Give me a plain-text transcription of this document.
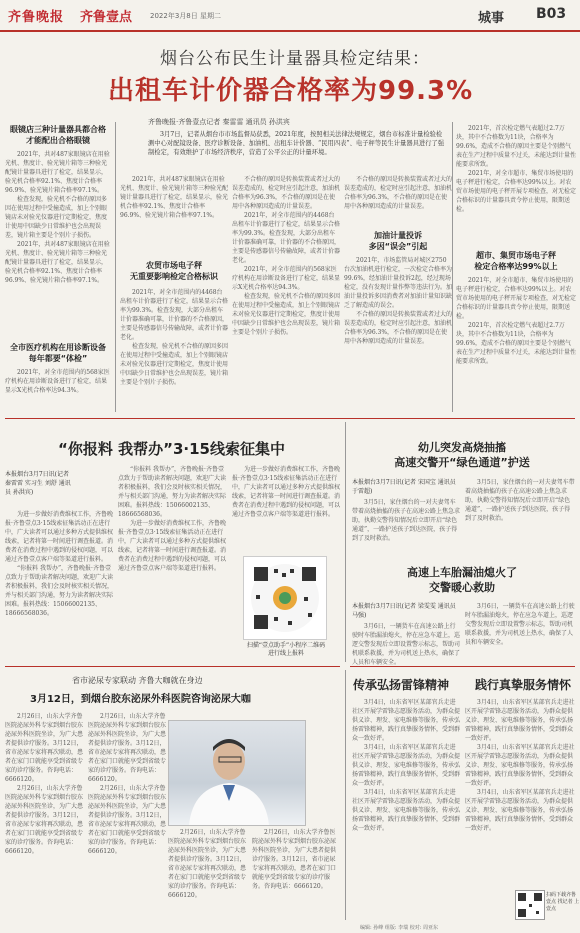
齐鲁晚报 齐鲁壹点	2022年3月8日 星期二	城事 B03
烟台公布民生计量器具检定结果：
出租车计价器合格率为99.3%
齐鲁晚报·齐鲁壹点记者 秦雷雷 通讯员 孙洪宾
眼镜店三种计量器具都合格
才能配出合格眼镜

2021年，共对487家眼镜店在用验光机、焦度计、验光镜片箱等三种验光配镜计量器具进行了检定，结果显示，验光机合格率92.1%、焦度计合格率96.9%、验光镜片箱合格率97.1%。

检查发现，验光机不合格的原因多因在使用过程中受撞造成，加上个别眼镜店未对验光仪器进行定期检定，焦度计使用中因缺少日常维护也会出现误差，镜片箱主要是个别片子损伤。

2021年，共对487家眼镜店在用验光机、焦度计、验光镜片箱等三种验光配镜计量器具进行了检定，结果显示，验光机合格率92.1%、焦度计合格率96.9%、验光镜片箱合格率97.1%。

全市医疗机构在用诊断设备
每年都要“体检”

2021年，对全市范围内的568家医疗机构在用诊断设备进行了检定，结果显示X光机合格率达94.3%。

3月7日，记者从烟台市市场监督局获悉，2021年度，按照相关法律法规规定，烟台市标准计量检验检测中心对配镜设备、医疗诊断设备、加油机、出租车计价器、“民用四表”、电子秤等民生计量器具进行了强制检定，有效维护了市场经济秩序，营造了公平公正的计量环境。

2021年，共对487家眼镜店在用验光机、焦度计、验光镜片箱等三种验光配镜计量器具进行了检定，结果显示，验光机合格率92.1%、焦度计合格率96.9%、验光镜片箱合格率97.1%。

农贸市场电子秤
无重要影响检定合格标识

2021年，对全市范围内的4468台出租车计价器进行了检定，结果显示合格率为99.3%。检查发现，大部分出租车计价器准确可靠，计价器的不合格原因，主要是传感器信号传输故障，或者计价器老化。

检查发现，验光机不合格的原因多因在使用过程中受撞造成，加上个别眼镜店未对验光仪器进行定期检定，焦度计使用中因缺少日常维护也会出现误差，镜片箱主要是个别片子损伤。

不合格的原因是转换装置或者过大的误差造成的，检定时应引起注意，加油机合格率为96.3%，不合格的原因是在使用中各种原因造成的计量误差。

2021年，对全市范围内的4468台出租车计价器进行了检定，结果显示合格率为99.3%。检查发现，大部分出租车计价器准确可靠，计价器的不合格原因，主要是传感器信号传输故障，或者计价器老化。

2021年，对全市范围内的568家医疗机构在用诊断设备进行了检定，结果显示X光机合格率达94.3%。

检查发现，验光机不合格的原因多因在使用过程中受撞造成，加上个别眼镜店未对验光仪器进行定期检定，焦度计使用中因缺少日常维护也会出现误差，镜片箱主要是个别片子损伤。

不合格的原因是转换装置或者过大的误差造成的，检定时应引起注意，加油机合格率为96.3%，不合格的原因是在使用中各种原因造成的计量误差。

加油计量投诉
多因“误会”引起

2021年，市场监管局对城区2750台次加油机进行检定，一次检定合格率为99.6%，经加油计量投诉2起，经过现场检定，没有发现计量作弊等违法行为。加油计量投诉多因消费者对加油计量知识缺乏了解造成的误会。

不合格的原因是转换装置或者过大的误差造成的，检定时应引起注意，加油机合格率为96.3%，不合格的原因是在使用中各种原因造成的计量误差。

2021年，首次检定燃气表超过2.7万块，其中不合格数为11块，合格率为99.6%，造成不合格的原因主要是个别燃气表在生产过程中质量不过关，未能达到计量性能要求所致。

2021年，对全市超市、集贸市场使用的电子秤进行检定，合格率达99%以上。对农贸市场使用的电子秤开展专项检查，对无检定合格标识的计量器具责令停止使用，限期送检。

超市、集贸市场电子秤
检定合格率达99%以上

2021年，对全市超市、集贸市场使用的电子秤进行检定，合格率达99%以上。对农贸市场使用的电子秤开展专项检查，对无检定合格标识的计量器具责令停止使用，限期送检。

2021年，首次检定燃气表超过2.7万块，其中不合格数为11块，合格率为99.6%，造成不合格的原因主要是个别燃气表在生产过程中质量不过关，未能达到计量性能要求所致。

“你报料 我帮办”3·15线索征集中
本报烟台3月7日讯(记者 秦雷雷 实习生 刘舒 通讯员 孙洪宾)

为进一步做好消费维权工作，齐鲁晚报·齐鲁壹点3·15线索征集活动正在进行中，广大读者可以通过多种方式提供维权线索，记者将第一时间进行调查报道。消费者在消费过程中遇到的侵权问题，可以通过齐鲁壹点客户端等渠道进行报料。

“你报料 我帮办”，齐鲁晚报·齐鲁壹点致力于帮助读者解决问题，欢迎广大读者积极报料，我们会及时核实相关情况，并与相关部门沟通，努力为读者解决实际困难。报料热线：15066002135、18666568036。

“你报料 我帮办”，齐鲁晚报·齐鲁壹点致力于帮助读者解决问题，欢迎广大读者积极报料，我们会及时核实相关情况，并与相关部门沟通，努力为读者解决实际困难。报料热线：15066002135、18666568036。

为进一步做好消费维权工作，齐鲁晚报·齐鲁壹点3·15线索征集活动正在进行中，广大读者可以通过多种方式提供维权线索，记者将第一时间进行调查报道。消费者在消费过程中遇到的侵权问题，可以通过齐鲁壹点客户端等渠道进行报料。

为进一步做好消费维权工作，齐鲁晚报·齐鲁壹点3·15线索征集活动正在进行中，广大读者可以通过多种方式提供维权线索，记者将第一时间进行调查报道。消费者在消费过程中遇到的侵权问题，可以通过齐鲁壹点客户端等渠道进行报料。

扫描“壹点助手”小程序二维码
进行线上报料
幼儿突发高烧抽搐
高速交警开“绿色通道”护送
本报烟台3月7日讯(记者 宋国宝 通讯员 于雷超)

3月5日，家住烟台的一对夫妻驾车带着高烧抽搐的孩子在高速公路上焦急求助，执勤交警得知情况后立即开启“绿色通道”，一路护送孩子到达医院，孩子得到了及时救治。

3月5日，家住烟台的一对夫妻驾车带着高烧抽搐的孩子在高速公路上焦急求助，执勤交警得知情况后立即开启“绿色通道”，一路护送孩子到达医院，孩子得到了及时救治。

高速上车胎漏油熄火了
交警暖心救助
本报烟台3月7日讯(记者 梁雯雯 通讯员 马强)

3月6日，一辆货车在高速公路上行驶时车胎漏油熄火，停在应急车道上，巡逻交警发现后立即设置警示标志，帮助司机联系救援，并为司机送上热水，确保了人员和车辆安全。

3月6日，一辆货车在高速公路上行驶时车胎漏油熄火，停在应急车道上，巡逻交警发现后立即设置警示标志，帮助司机联系救援，并为司机送上热水，确保了人员和车辆安全。

省市泌尿专家联动 齐鲁大咖就在身边
3月12日，到烟台胶东泌尿外科医院咨询泌尿大咖

2月26日，山东大学齐鲁医院泌尿外科专家到烟台胶东泌尿外科医院坐诊，为广大患者提供诊疗服务。3月12日，省市泌尿专家将再次联动，患者在家门口就能享受到省级专家的诊疗服务。咨询电话：6666120。

2月26日，山东大学齐鲁医院泌尿外科专家到烟台胶东泌尿外科医院坐诊，为广大患者提供诊疗服务。3月12日，省市泌尿专家将再次联动，患者在家门口就能享受到省级专家的诊疗服务。咨询电话：6666120。

2月26日，山东大学齐鲁医院泌尿外科专家到烟台胶东泌尿外科医院坐诊，为广大患者提供诊疗服务。3月12日，省市泌尿专家将再次联动，患者在家门口就能享受到省级专家的诊疗服务。咨询电话：6666120。

2月26日，山东大学齐鲁医院泌尿外科专家到烟台胶东泌尿外科医院坐诊，为广大患者提供诊疗服务。3月12日，省市泌尿专家将再次联动，患者在家门口就能享受到省级专家的诊疗服务。咨询电话：6666120。

2月26日，山东大学齐鲁医院泌尿外科专家到烟台胶东泌尿外科医院坐诊，为广大患者提供诊疗服务。3月12日，省市泌尿专家将再次联动，患者在家门口就能享受到省级专家的诊疗服务。咨询电话：6666120。

2月26日，山东大学齐鲁医院泌尿外科专家到烟台胶东泌尿外科医院坐诊，为广大患者提供诊疗服务。3月12日，省市泌尿专家将再次联动，患者在家门口就能享受到省级专家的诊疗服务。咨询电话：6666120。

传承弘扬雷锋精神 践行真挚服务情怀

3月4日，山东省军区某部官兵走进社区开展学雷锋志愿服务活动，为群众提供义诊、理发、家电维修等服务，传承弘扬雷锋精神，践行真挚服务情怀，受到群众一致好评。

3月4日，山东省军区某部官兵走进社区开展学雷锋志愿服务活动，为群众提供义诊、理发、家电维修等服务，传承弘扬雷锋精神，践行真挚服务情怀，受到群众一致好评。

3月4日，山东省军区某部官兵走进社区开展学雷锋志愿服务活动，为群众提供义诊、理发、家电维修等服务，传承弘扬雷锋精神，践行真挚服务情怀，受到群众一致好评。

3月4日，山东省军区某部官兵走进社区开展学雷锋志愿服务活动，为群众提供义诊、理发、家电维修等服务，传承弘扬雷锋精神，践行真挚服务情怀，受到群众一致好评。

3月4日，山东省军区某部官兵走进社区开展学雷锋志愿服务活动，为群众提供义诊、理发、家电维修等服务，传承弘扬雷锋精神，践行真挚服务情怀，受到群众一致好评。

3月4日，山东省军区某部官兵走进社区开展学雷锋志愿服务活动，为群众提供义诊、理发、家电维修等服务，传承弘扬雷锋精神，践行真挚服务情怀，受到群众一致好评。

扫码下载齐鲁壹点 找记者 上壹点
编辑: 孙峰 组版: 李瑞 校对: 周亚东
